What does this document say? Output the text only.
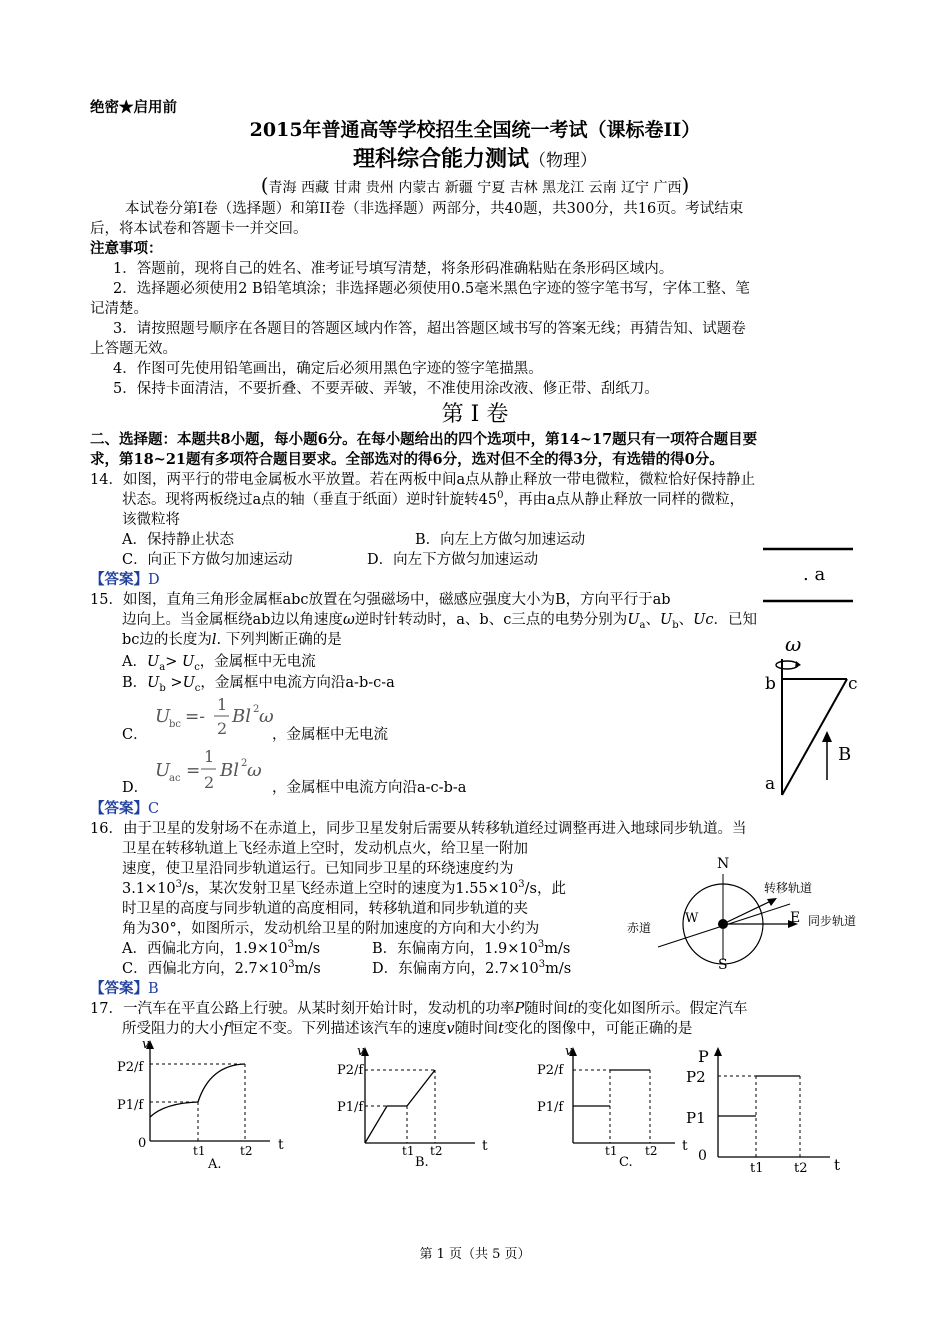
绝密★启用前
2015年普通高等学校招生全国统一考试（课标卷II）
理科综合能力测试（物理）
(青海 西藏 甘肃 贵州 内蒙古 新疆 宁夏 吉林 黑龙江 云南 辽宁 广西)
本试卷分第I卷（选择题）和第II卷（非选择题）两部分，共40题，共300分，共16页。考试结束
后，将本试卷和答题卡一并交回。
注意事项：
1．答题前，现将自己的姓名、准考证号填写清楚，将条形码准确粘贴在条形码区域内。
2．选择题必须使用2 B铅笔填涂；非选择题必须使用0.5毫米黑色字迹的签字笔书写，字体工整、笔
记清楚。
3．请按照题号顺序在各题目的答题区域内作答，超出答题区域书写的答案无线；再猜告知、试题卷
上答题无效。
4．作图可先使用铅笔画出，确定后必须用黑色字迹的签字笔描黑。
5．保持卡面清洁，不要折叠、不要弄破、弄皱，不准使用涂改液、修正带、刮纸刀。
第 I 卷
二、选择题：本题共8小题，每小题6分。在每小题给出的四个选项中，第14~17题只有一项符合题目要
求，第18~21题有多项符合题目要求。全部选对的得6分，选对但不全的得3分，有选错的得0分。
14．如图，两平行的带电金属板水平放置。若在两板中间a点从静止释放一带电微粒，微粒恰好保持静止
状态。现将两板绕过a点的轴（垂直于纸面）逆时针旋转$45^0$，再由a点从静止释放一同样的微粒，
该微粒将
A．保持静止状态	B．向左上方做匀加速运动
C．向正下方做匀加速运动	D．向左下方做匀加速运动
【答案】D	. a
15．如图，直角三角形金属框abc放置在匀强磁场中，磁感应强度大小为B，方向平行于ab
边向上。当金属框绕ab边以角速度ω逆时针转动时，a、b、c三点的电势分别为$U_a$、$U_b$、Uc．已知
bc边的长度为l. 下列判断正确的是
A．$U_a> U_c$，金属框中无电流
B．$U_b >U_c$，金属框中电流方向沿a-b-c-a
U
bc =-
1
2
Bl 2 ω
C．	，金属框中无电流
U
ac =
1
2
Bl 2 ω
D．	，金属框中电流方向沿a-c-b-a
【答案】C
ω
b	c
a
B
16．由于卫星的发射场不在赤道上，同步卫星发射后需要从转移轨道经过调整再进入地球同步轨道。当
卫星在转移轨道上飞经赤道上空时，发动机点火，给卫星一附加
速度，使卫星沿同步轨道运行。已知同步卫星的环绕速度约为
$3.1\times 10^3/s$，某次发射卫星飞经赤道上空时的速度为$1.55\times 10^3/s$，此
时卫星的高度与同步轨道的高度相同，转移轨道和同步轨道的夹
角为30°，如图所示，发动机给卫星的附加速度的方向和大小约为
A．西偏北方向，$1.9\times 10^3m/s$	B．东偏南方向，$1.9\times 10^3m/s$
C．西偏北方向，$2.7\times 10^3m/s$	D．东偏南方向，$2.7\times 10^3m/s$
【答案】B
N
S
W	E
转移轨道
同步轨道
赤道
17．一汽车在平直公路上行驶。从某时刻开始计时，发动机的功率P随时间t的变化如图所示。假定汽车
所受阻力的大小f恒定不变。下列描述该汽车的速度v随时间t变化的图像中，可能正确的是
v
t
0
P2/f
P1/f
t1	t2
A.
v
t
P2/f
P1/f
t1 t2
B.
v
t
P2/f
P1/f
t1 t2
C.
P
t
0
P2
P1
t1 t2
第 1 页（共 5 页）
